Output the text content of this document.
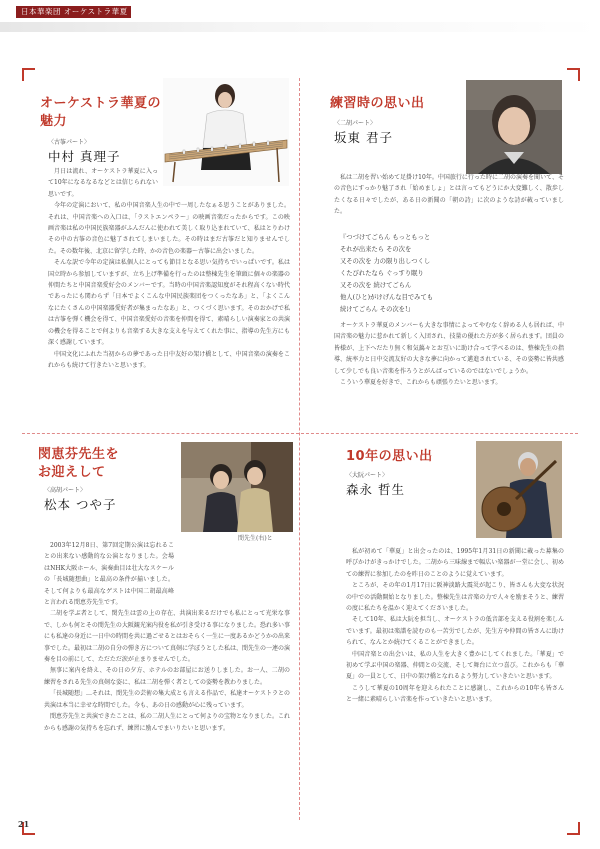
日本華楽団 オーケストラ華夏
オーケストラ華夏の
魅力
〈古筝パート〉
中村 真理子

月日は流れ、オーケストラ華夏に入って10年になるなるなどとは信じられない思いです。

今年の定演において、私の中国音楽人生の中で一周したなぁる思うことがありました。それは、中国音楽への入口は、「ラストエンペラー」の映画音楽だったからです。この映画音楽は私の中国民族楽器がふんだんに使われて美しく取り込まれていて、私はとりわけその中の古筝の音色に魅了されてしまいました。その時はまだ古筝だと知りませんでした。その数年後、北京に留学した時、かの音色の楽器〜古筝に出会いました。

そんな訳で今年の定演は私個人にとっても節目となる思い気持ちでいっぱいです。私は国立時から参加していますが、立ち上げ準備を行ったのは整棟先生を筆頭に個々の楽器の仲間たちと中国音楽愛好会のメンバーです。当時の中国音楽認知度がそれ程高くない時代であったにも関わらず「日本でよくこんな中国民族楽団をつくったなあ」と、「よくこんなにたくさんの中国楽器愛好者が集まったなあ」と、つくづく思います。そのおかげで私は古筝を弾く機会を得て、中国音楽愛好の音楽を仲間を得て、素晴らしい演奏家との共演の機会を得ることで何よりも音楽する大きな支えを与えてくれた事に、指導の先生方にも深く感謝しています。

中国文化にふれた当初からの夢であった日中友好の架け橋として、中国音楽の演奏をこれからも続けて行きたいと思います。

練習時の思い出
〈二胡パート〉
坂東 君子

私は二胡を習い始めて足掛け10年。中国旅行に行った時に二胡の演奏を聞いて、その音色にすっかり魅了され「始めましょ」とは言ってもどうにか大変難しく、散歩したくなる日々でしたが、ある日の新聞の「朝の詩」に次のような詩が載っていました。

『つづけてごらん もっともっと
それが出来たら その次を
又その次を 力の限り出しつくし
くたびれたなら ぐっすり眠り
又その次を 続けてごらん
他人(ひと)がけげんな目でみても
続けてごらん その次を!』

オーケストラ華夏のメンバーも大きな事情によってやむなく辞める人も居れば、中国音楽の魅力に惹かれて新しく入団され、技量の優れた方が多く居られます。団員の皆様が、上下へだたり無く和気藹々とお互いに助け合って学べるのは、整棟先生の指導、統率力と日中交流友好の大きな夢に向かって邁進されている、その姿勢に皆共感して少しでも良い音楽を作ろうとがんばっているのではないでしょうか。

こういう華夏を好きで、これからも頑張りたいと思います。

閔恵芬先生を
お迎えして
〈高胡パート〉
松本 つや子
閔先生(右)と

2003年12月8日、第7回定期公演は忘れることの出来ない感動的な公演となりました。会場はNHK大阪ホール、演奏曲目は壮大なスケールの「長城随想曲」と最高の条件が揃いました。そして何よりも最高なゲストは中国二胡最高峰と言われる閔恵芬先生です。

二胡を学ぶ者として、閔先生は雲の上の存在、共演出来るだけでも私にとって光栄な事で、しかも何とその閔先生の大阪観光案内役を私が引き受ける事になりました。恐れ多い事にも私達の身近に一日中の時間を共に過ごせるとはおそらく一生に一度あるかどうかの出来事でした。最初は二胡の自分の弾き方について真剣に学ぼうとした私は、閔先生の一連の演奏を目の前にして、ただただ涙が止まりませんでした。

無事に案内を終え、その日の夕方、ホテルのお部屋にお送りしました。お一人、二胡の練習をされる先生の真剣な姿に、私は二胡を弾く者としての姿勢を教わりました。

「長城随想」…それは、閔先生の芸術の集大成とも言える作品で、私達オーケストラとの共演は本当に幸せな時間でした。今も、あの日の感動が心に残っています。

閔恵芬先生と共演できたことは、私の二胡人生にとって何よりの宝物となりました。これからも感謝の気持ちを忘れず、練習に励んでまいりたいと思います。

10年の思い出
〈大阮パート〉
森永 哲生

私が初めて「華夏」と出会ったのは、1995年1月31日の新聞に載った募集の呼びかけがきっかけでした。二胡から三味線まで幅広い楽器が一堂に会し、初めての練習に参加したのを昨日のことのように覚えています。

ところが、その年の1月17日に阪神淡路大震災が起こり、皆さんも大変な状況の中での活動開始となりました。整棟先生は音楽の力で人々を励まそうと、練習の度に私たちを温かく迎えてくださいました。

そして10年、私は大阮を担当し、オーケストラの低音部を支える役割を楽しんでいます。最初は楽譜を読むのも一苦労でしたが、先生方や仲間の皆さんに助けられて、なんとか続けてくることができました。

中国音楽との出会いは、私の人生を大きく豊かにしてくれました。「華夏」で初めて学ぶ中国の楽器、仲間との交流、そして舞台に立つ喜び。これからも「華夏」の一員として、日中の架け橋となれるよう努力していきたいと思います。

こうして華夏の10周年を迎えられたことに感謝し、これからの10年も皆さんと一緒に素晴らしい音楽を作っていきたいと思います。

21
